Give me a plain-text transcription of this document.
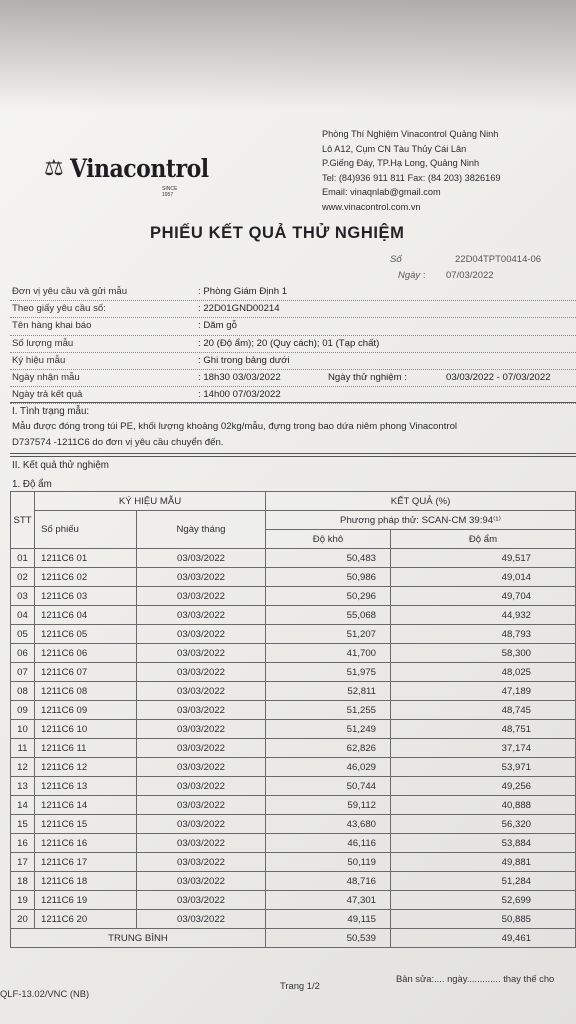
⚖ Vinacontrol
SINCE 1957
Phòng Thí Nghiệm Vinacontrol Quảng Ninh
Lô A12, Cụm CN Tàu Thủy Cái Lân
P.Giếng Đáy, TP.Hạ Long, Quảng Ninh
Tel: (84)936 911 811 Fax: (84 203) 3826169
Email: vinaqnlab@gmail.com
www.vinacontrol.com.vn
PHIẾU KẾT QUẢ THỬ NGHIỆM
Số	22D04TPT00414-06
Ngày : 07/03/2022
Đơn vị yêu cầu và gửi mẫu	: Phòng Giám Định 1
Theo giấy yêu cầu số:	: 22D01GND00214
Tên hàng khai báo	: Dăm gỗ
Số lượng mẫu	: 20 (Độ ẩm); 20 (Quy cách); 01 (Tạp chất)
Ký hiệu mẫu	: Ghi trong bảng dưới
Ngày nhận mẫu	: 18h30 03/03/2022	Ngày thử nghiệm :	03/03/2022 - 07/03/2022
Ngày trả kết quả	: 14h00 07/03/2022
I. Tình trạng mẫu:
Mẫu được đóng trong túi PE, khối lượng khoảng 02kg/mẫu, đựng trong bao dứa niêm phong Vinacontrol
D737574 -1211C6 do đơn vị yêu cầu chuyển đến.
II. Kết quả thử nghiệm
1. Độ ẩm
STT	KÝ HIỆU MẪU		KẾT QUẢ (%)	
	Số phiếu	Ngày tháng	Phương pháp thử: SCAN-CM 39:94⁽¹⁾	
			Độ khô	Độ ẩm
01	1211C6 01	03/03/2022	50,483	49,517
02	1211C6 02	03/03/2022	50,986	49,014
03	1211C6 03	03/03/2022	50,296	49,704
04	1211C6 04	03/03/2022	55,068	44,932
05	1211C6 05	03/03/2022	51,207	48,793
06	1211C6 06	03/03/2022	41,700	58,300
07	1211C6 07	03/03/2022	51,975	48,025
08	1211C6 08	03/03/2022	52,811	47,189
09	1211C6 09	03/03/2022	51,255	48,745
10	1211C6 10	03/03/2022	51,249	48,751
11	1211C6 11	03/03/2022	62,826	37,174
12	1211C6 12	03/03/2022	46,029	53,971
13	1211C6 13	03/03/2022	50,744	49,256
14	1211C6 14	03/03/2022	59,112	40,888
15	1211C6 15	03/03/2022	43,680	56,320
16	1211C6 16	03/03/2022	46,116	53,884
17	1211C6 17	03/03/2022	50,119	49,881
18	1211C6 18	03/03/2022	48,716	51,284
19	1211C6 19	03/03/2022	47,301	52,699
20	1211C6 20	03/03/2022	49,115	50,885
TRUNG BÌNH			50,539	49,461
QLF-13.02/VNC (NB)
Trang 1/2
Bản sửa:.... ngày............. thay thế cho
